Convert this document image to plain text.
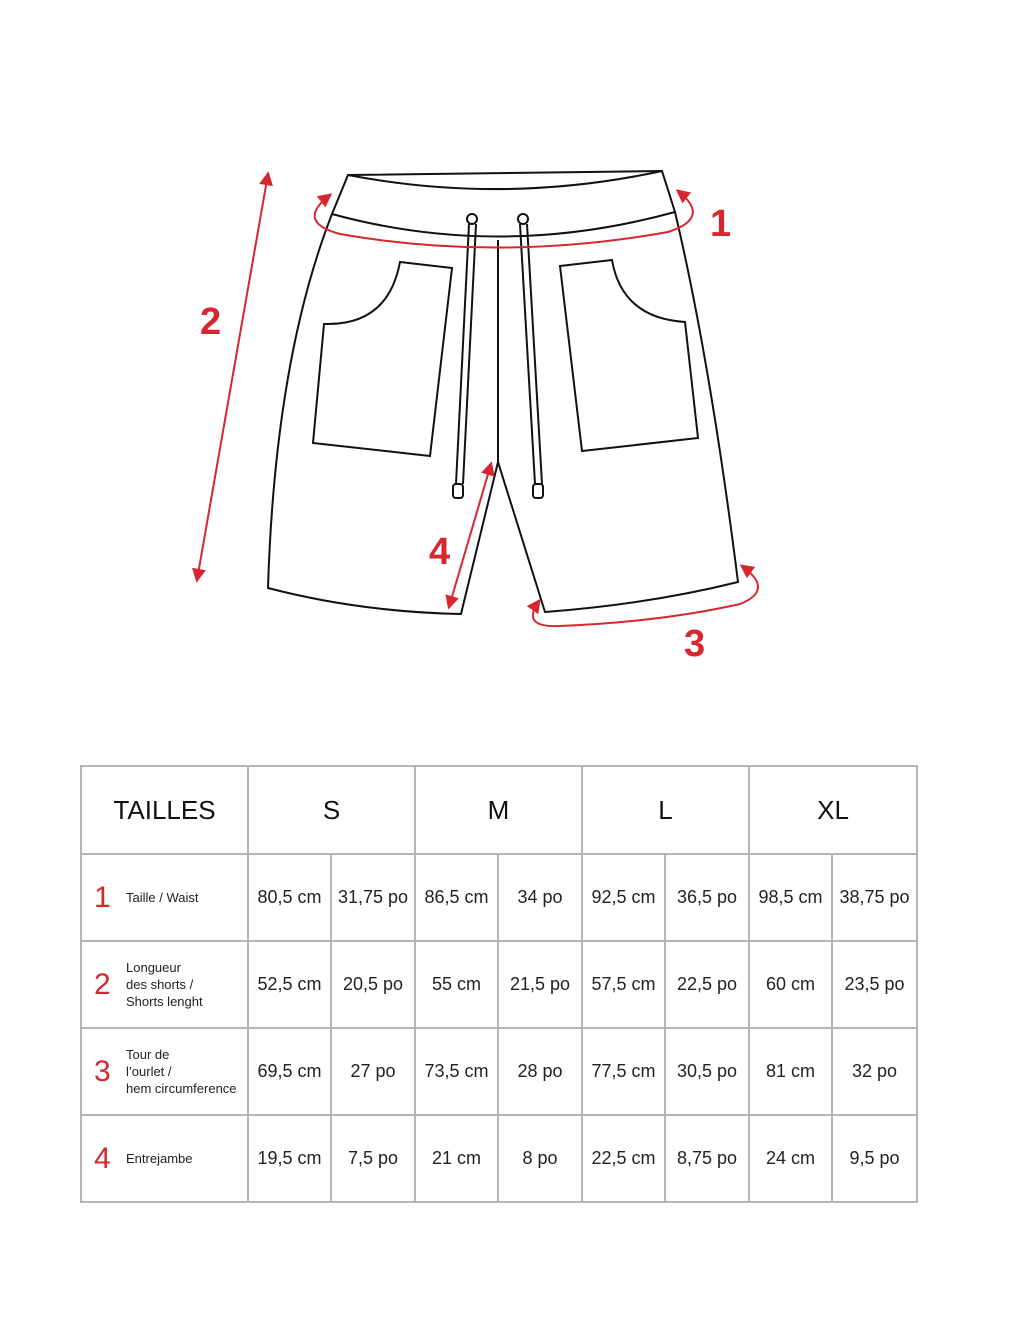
1
2
3
4
TAILLES	S		M		L		XL	

1 Taille / Waist	80,5 cm	31,75 po	86,5 cm	34 po	92,5 cm	36,5 po	98,5 cm	38,75 po

2 Longueur
des shorts /
Shorts lenght	52,5 cm	20,5 po	55 cm	21,5 po	57,5 cm	22,5 po	60 cm	23,5 po

3 Tour de
l’ourlet /
hem circumference	69,5 cm	27 po	73,5 cm	28 po	77,5 cm	30,5 po	81 cm	32 po

4 Entrejambe	19,5 cm	7,5 po	21 cm	8 po	22,5 cm	8,75 po	24 cm	9,5 po
